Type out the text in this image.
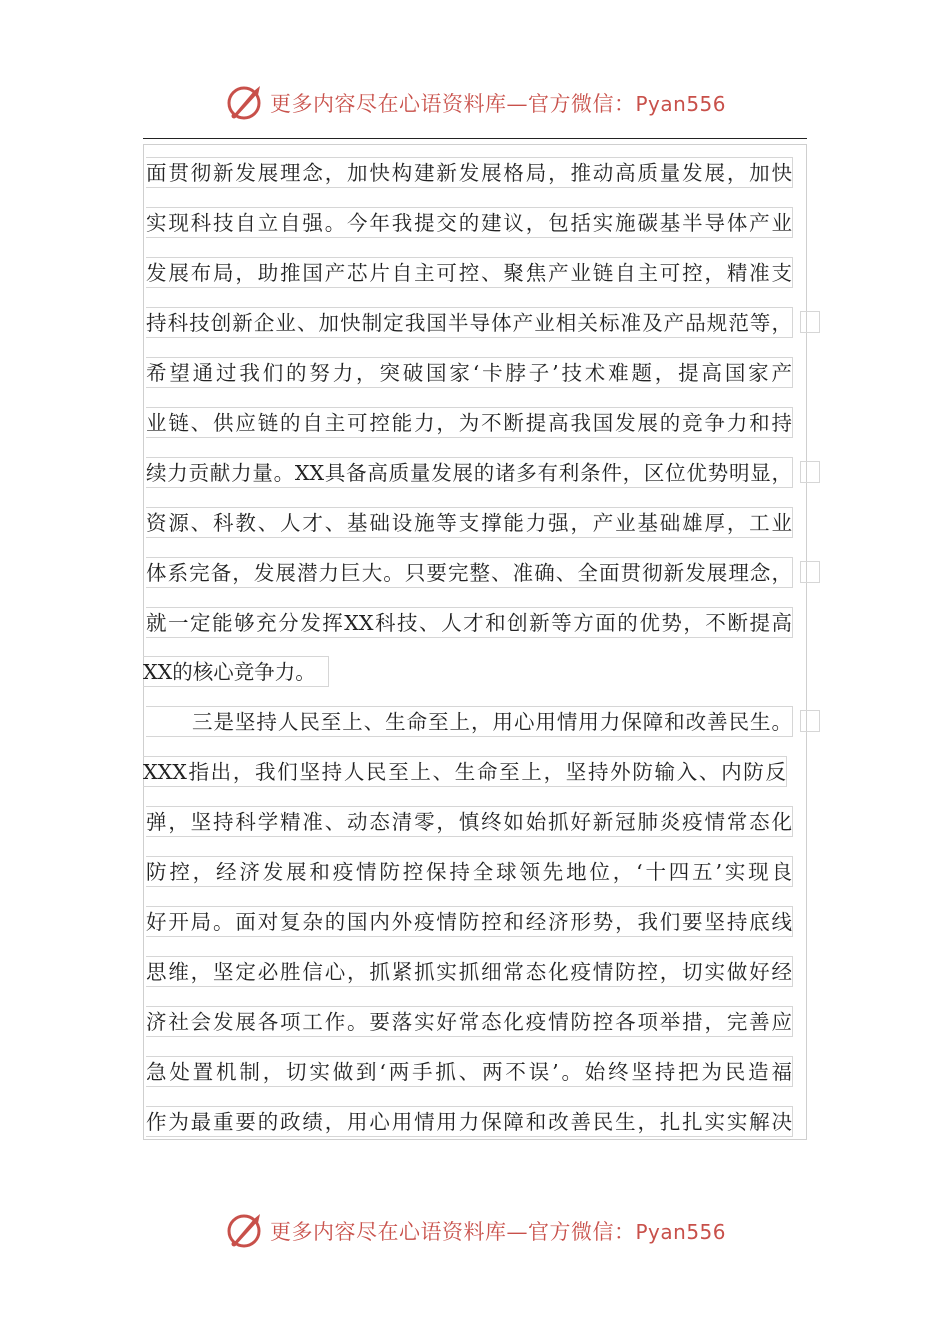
更多内容尽在心语资料库—官方微信：Pyan556
面贯彻新发展理念，加快构建新发展格局，推动高质量发展，加快
实现科技自立自强。今年我提交的建议，包括实施碳基半导体产业
发展布局，助推国产芯片自主可控、聚焦产业链自主可控，精准支
持科技创新企业、加快制定我国半导体产业相关标准及产品规范等，
希望通过我们的努力，突破国家‘卡脖子’技术难题，提高国家产
业链、供应链的自主可控能力，为不断提高我国发展的竞争力和持
续力贡献力量。XX具备高质量发展的诸多有利条件，区位优势明显，
资源、科教、人才、基础设施等支撑能力强，产业基础雄厚，工业
体系完备，发展潜力巨大。只要完整、准确、全面贯彻新发展理念，
就一定能够充分发挥XX科技、人才和创新等方面的优势，不断提高
XX的核心竞争力。
三是坚持人民至上、生命至上，用心用情用力保障和改善民生。
XXX指出，我们坚持人民至上、生命至上，坚持外防输入、内防反
弹，坚持科学精准、动态清零，慎终如始抓好新冠肺炎疫情常态化
防控，经济发展和疫情防控保持全球领先地位，‘十四五’实现良
好开局。面对复杂的国内外疫情防控和经济形势，我们要坚持底线
思维，坚定必胜信心，抓紧抓实抓细常态化疫情防控，切实做好经
济社会发展各项工作。要落实好常态化疫情防控各项举措，完善应
急处置机制，切实做到‘两手抓、两不误’。始终坚持把为民造福
作为最重要的政绩，用心用情用力保障和改善民生，扎扎实实解决
更多内容尽在心语资料库—官方微信：Pyan556
